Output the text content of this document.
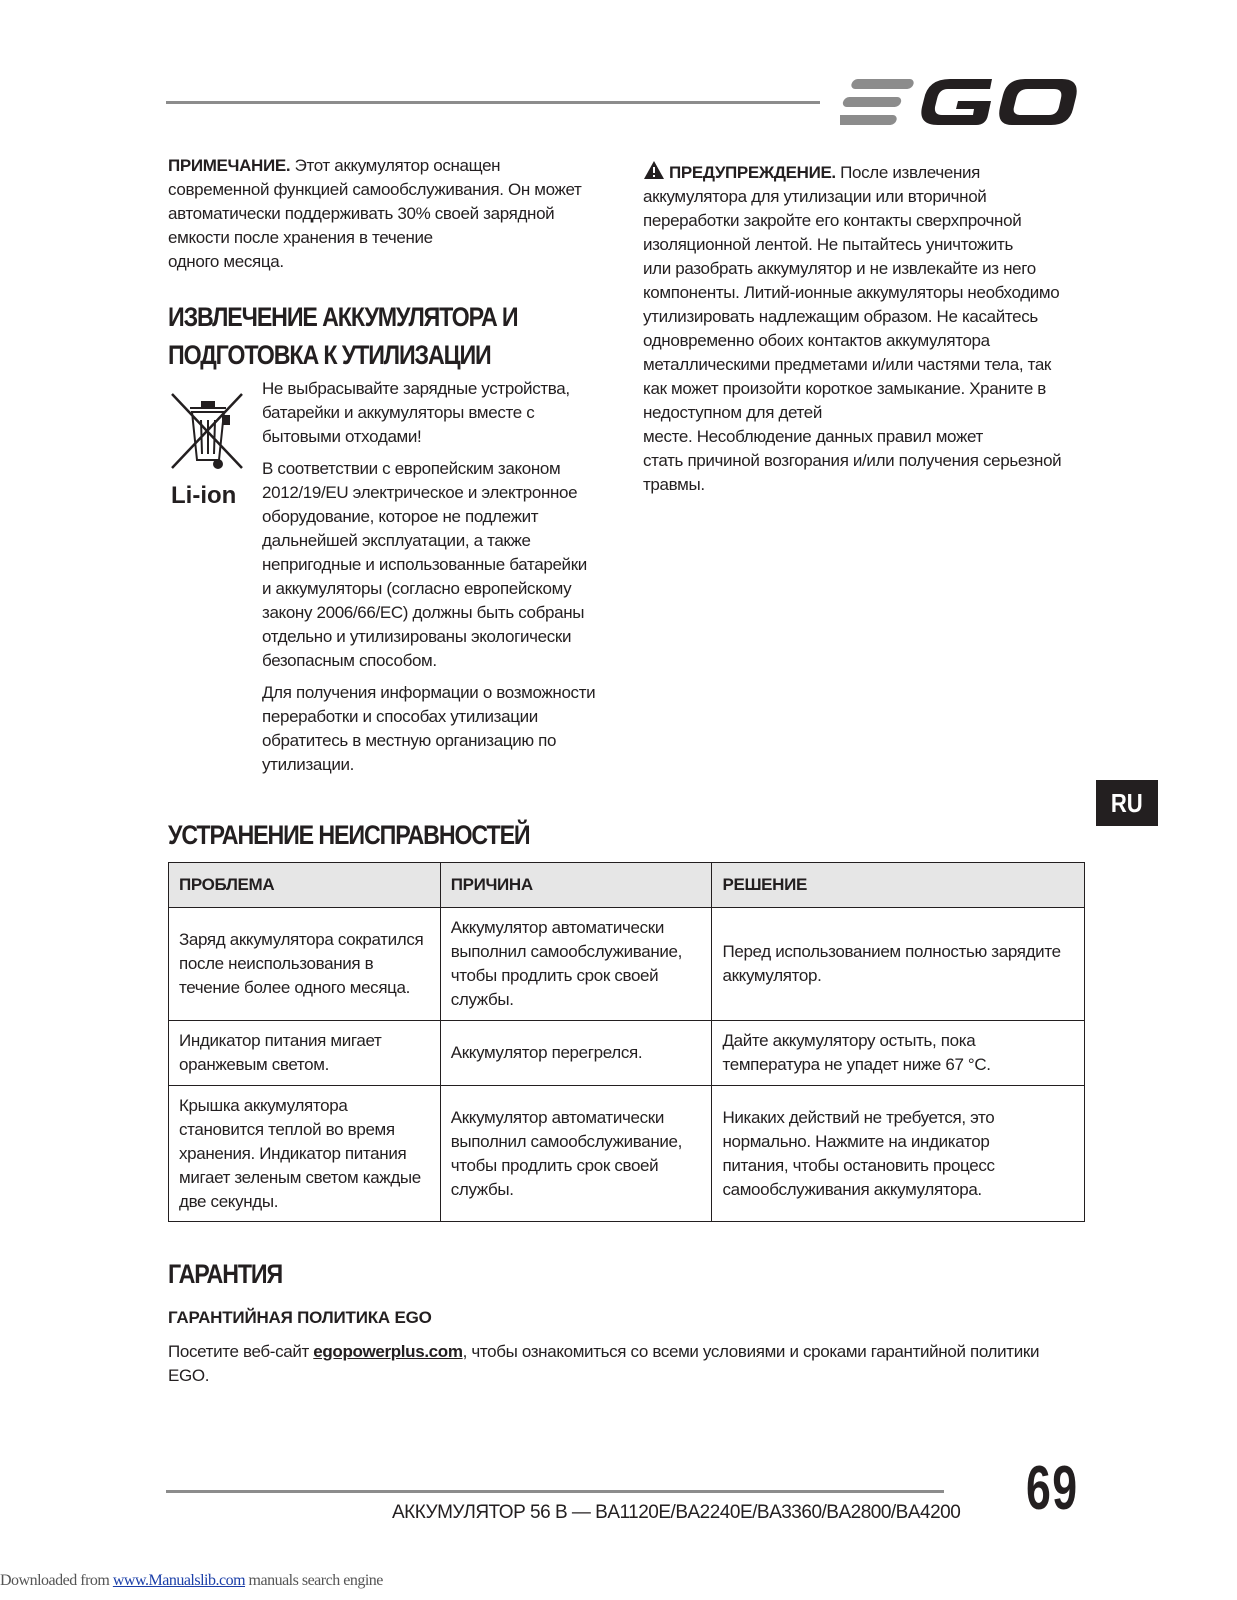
ПРИМЕЧАНИЕ. Этот аккумулятор оснащен
современной функцией самообслуживания. Он может
автоматически поддерживать 30% своей зарядной
емкости после хранения в течение
одного месяца.
ИЗВЛЕЧЕНИЕ АККУМУЛЯТОРА И
ПОДГОТОВКА К УТИЛИЗАЦИИ
Li-ion

Не выбрасывайте зарядные устройства,
батарейки и аккумуляторы вместе с
бытовыми отходами!

В соответствии с европейским законом
2012/19/EU электрическое и электронное
оборудование, которое не подлежит
дальнейшей эксплуатации, а также
непригодные и использованные батарейки
и аккумуляторы (согласно европейскому
закону 2006/66/EC) должны быть собраны
отдельно и утилизированы экологически
безопасным способом.

Для получения информации о возможности
переработки и способах утилизации
обратитесь в местную организацию по
утилизации.

ПРЕДУПРЕЖДЕНИЕ. После извлечения
аккумулятора для утилизации или вторичной
переработки закройте его контакты сверхпрочной
изоляционной лентой. Не пытайтесь уничтожить
или разобрать аккумулятор и не извлекайте из него
компоненты. Литий-ионные аккумуляторы необходимо
утилизировать надлежащим образом. Не касайтесь
одновременно обоих контактов аккумулятора
металлическими предметами и/или частями тела, так
как может произойти короткое замыкание. Храните в
недоступном для детей
месте. Несоблюдение данных правил может
стать причиной возгорания и/или получения серьезной
травмы.
RU
УСТРАНЕНИЕ НЕИСПРАВНОСТЕЙ
ПРОБЛЕМА	ПРИЧИНА	РЕШЕНИЕ
Заряд аккумулятора сократился
после неиспользования в
течение более одного месяца.	Аккумулятор автоматически
выполнил самообслуживание,
чтобы продлить срок своей
службы.	Перед использованием полностью зарядите
аккумулятор.
Индикатор питания мигает
оранжевым светом.	Аккумулятор перегрелся.	Дайте аккумулятору остыть, пока
температура не упадет ниже 67 °C.
Крышка аккумулятора
становится теплой во время
хранения. Индикатор питания
мигает зеленым светом каждые
две секунды.	Аккумулятор автоматически
выполнил самообслуживание,
чтобы продлить срок своей
службы.	Никаких действий не требуется, это
нормально. Нажмите на индикатор
питания, чтобы остановить процесс
самообслуживания аккумулятора.
ГАРАНТИЯ
ГАРАНТИЙНАЯ ПОЛИТИКА EGO
Посетите веб-сайт egopowerplus.com, чтобы ознакомиться со всеми условиями и сроками гарантийной политики
EGO.
АККУМУЛЯТОР 56 В — BA1120E/BA2240E/BA3360/BA2800/BA4200 69
Downloaded from www.Manualslib.com manuals search engine
